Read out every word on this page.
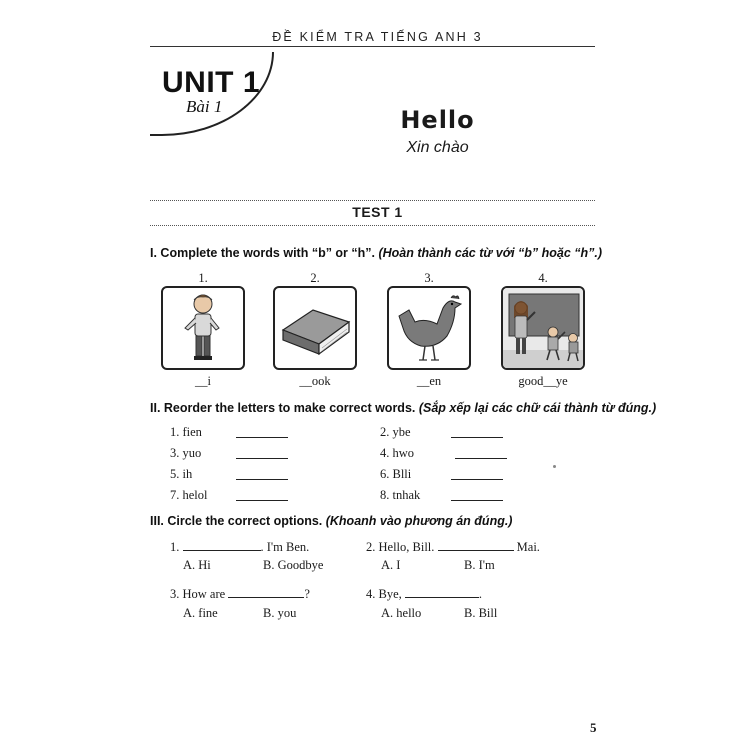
ĐỀ KIỂM TRA TIẾNG ANH 3
UNIT 1
Bài 1	Hello
Xin chào
TEST 1
I. Complete the words with “b” or “h”. (Hoàn thành các từ với “b” hoặc “h”.)
1.
__i
2.
__ook
3.
__en
4.
good__ye
II. Reorder the letters to make correct words. (Sắp xếp lại các chữ cái thành từ đúng.)
1. fien	2. ybe
3. yuo	4. hwo
5. ih	6. Blli
7. helol	8. tnhak
III. Circle the correct options. (Khoanh vào phương án đúng.)
1.	. I'm Ben.
A. Hi	B. Goodbye
2. Hello, Bill.	Mai.
A. I	B. I'm
3. How are	?
A. fine	B. you
4. Bye,	.
A. hello	B. Bill
5
